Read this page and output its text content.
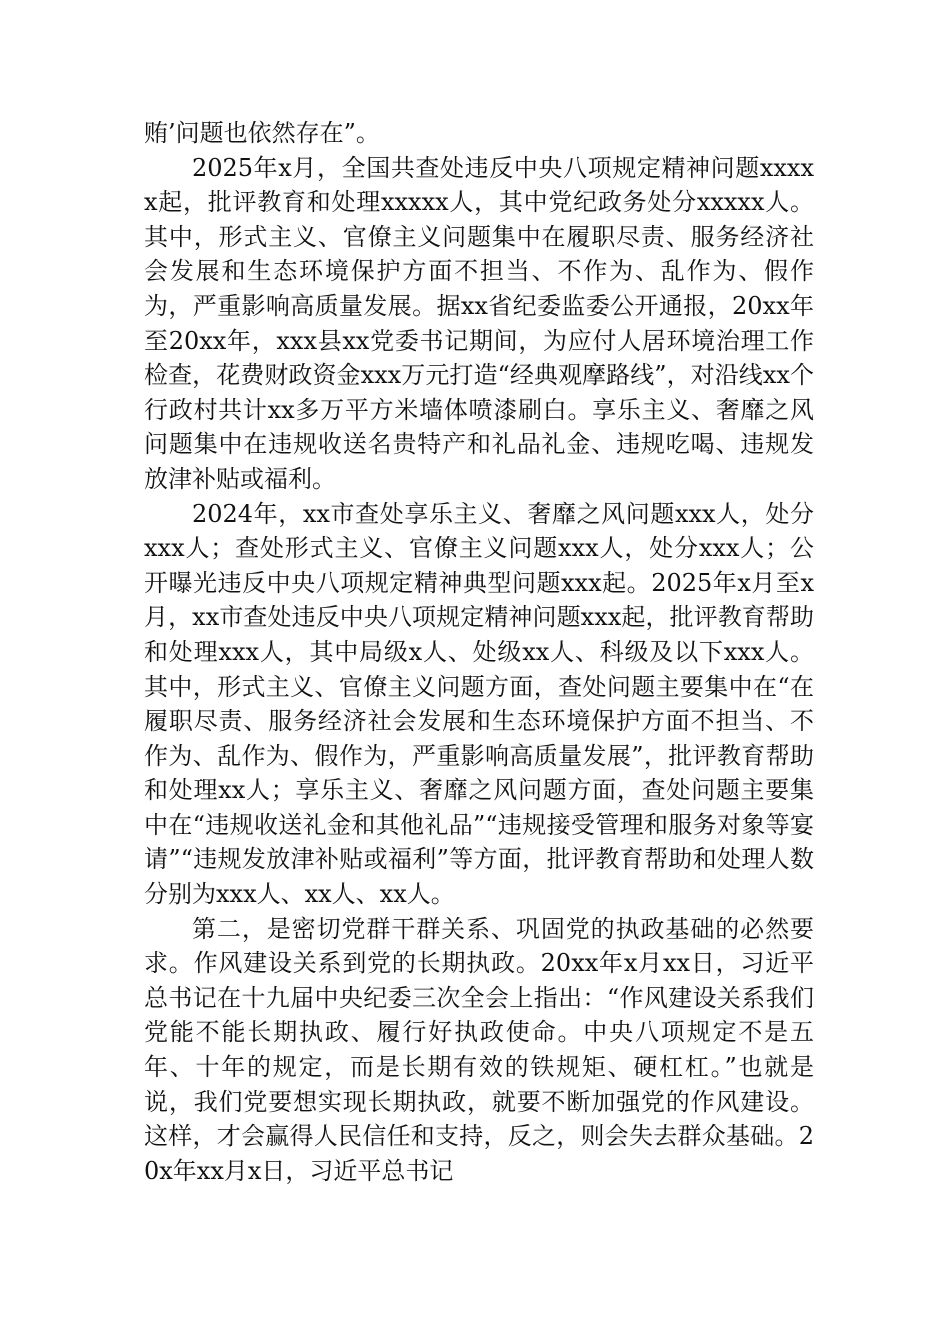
贿’问题也依然存在”。

2025年x月，全国共查处违反中央八项规定精神问题xxxxx起，批评教育和处理xxxxx人，其中党纪政务处分xxxxx人。其中，形式主义、官僚主义问题集中在履职尽责、服务经济社会发展和生态环境保护方面不担当、不作为、乱作为、假作为，严重影响高质量发展。据xx省纪委监委公开通报，20xx年至20xx年，xxx县xx党委书记期间，为应付人居环境治理工作检查，花费财政资金xxx万元打造“经典观摩路线”，对沿线xx个行政村共计xx多万平方米墙体喷漆刷白。享乐主义、奢靡之风问题集中在违规收送名贵特产和礼品礼金、违规吃喝、违规发放津补贴或福利。

2024年，xx市查处享乐主义、奢靡之风问题xxx人，处分xxx人；查处形式主义、官僚主义问题xxx人，处分xxx人；公开曝光违反中央八项规定精神典型问题xxx起。2025年x月至x月，xx市查处违反中央八项规定精神问题xxx起，批评教育帮助和处理xxx人，其中局级x人、处级xx人、科级及以下xxx人。其中，形式主义、官僚主义问题方面，查处问题主要集中在“在履职尽责、服务经济社会发展和生态环境保护方面不担当、不作为、乱作为、假作为，严重影响高质量发展”，批评教育帮助和处理xx人；享乐主义、奢靡之风问题方面，查处问题主要集中在“违规收送礼金和其他礼品”“违规接受管理和服务对象等宴请”“违规发放津补贴或福利”等方面，批评教育帮助和处理人数分别为xxx人、xx人、xx人。

第二，是密切党群干群关系、巩固党的执政基础的必然要求。作风建设关系到党的长期执政。20xx年x月xx日，习近平总书记在十九届中央纪委三次全会上指出：“作风建设关系我们党能不能长期执政、履行好执政使命。中央八项规定不是五年、十年的规定，而是长期有效的铁规矩、硬杠杠。”也就是说，我们党要想实现长期执政，就要不断加强党的作风建设。这样，才会赢得人民信任和支持，反之，则会失去群众基础。20x年xx月x日，习近平总书记
